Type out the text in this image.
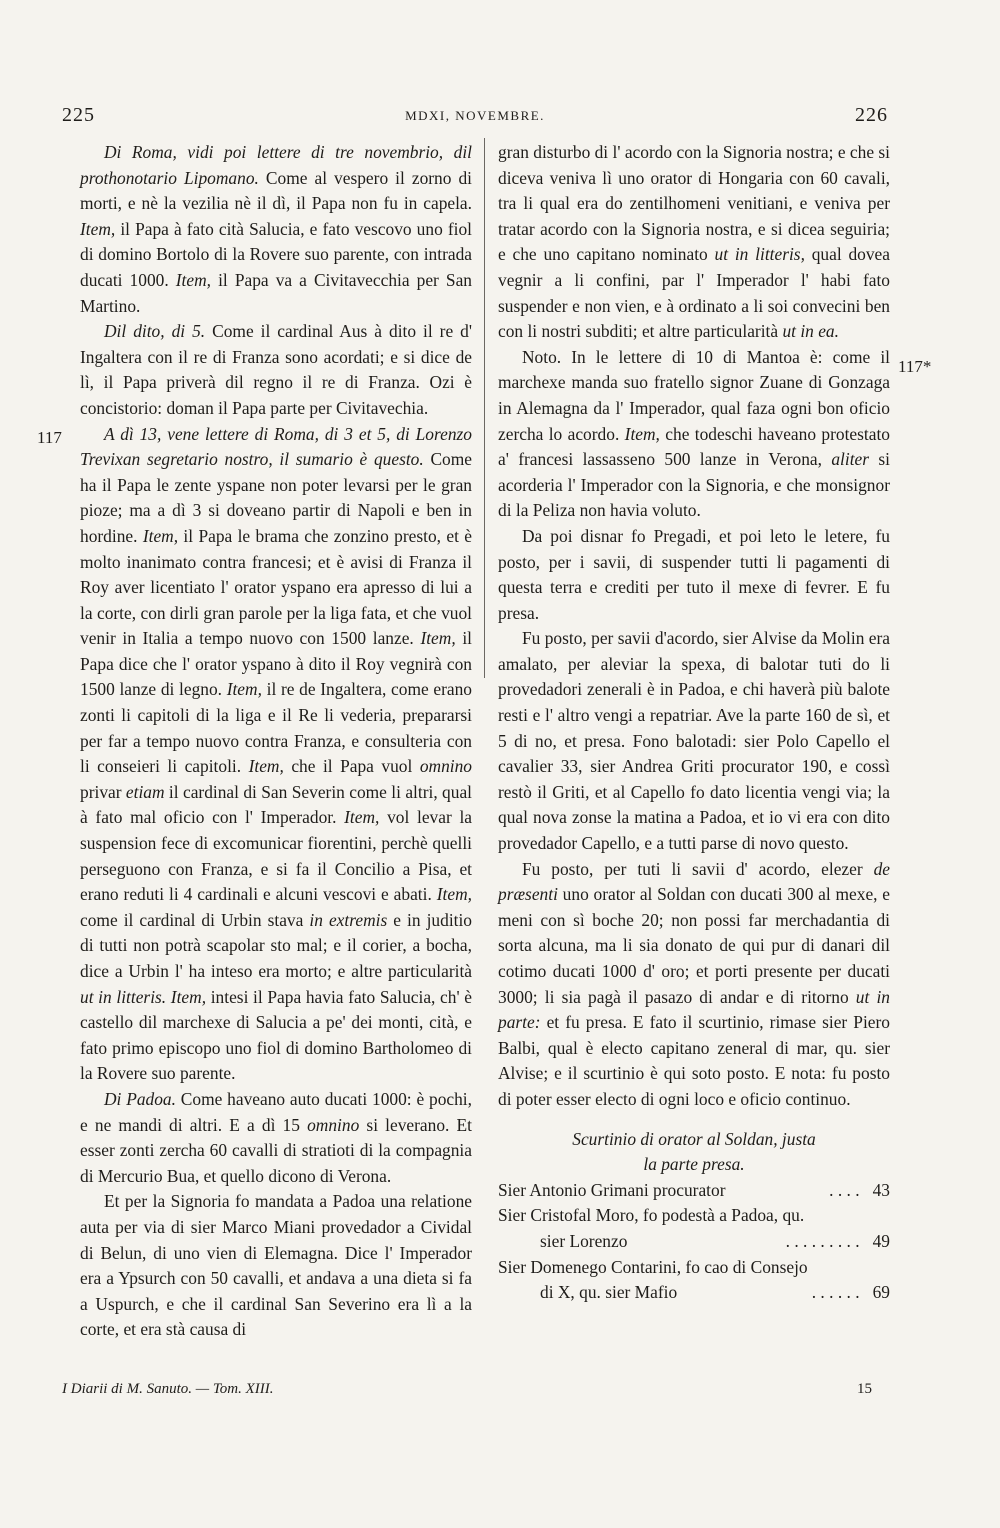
225	MDXI, NOVEMBRE.	226
117
117*

Di Roma, vidi poi lettere di tre novembrio, dil prothonotario Lipomano. Come al vespero il zorno di morti, e nè la vezilia nè il dì, il Papa non fu in capela. Item, il Papa à fato cità Salucia, e fato vescovo uno fiol di domino Bortolo di la Rovere suo parente, con intrada ducati 1000. Item, il Papa va a Civitavecchia per San Martino.

Dil dito, di 5. Come il cardinal Aus à dito il re d' Ingaltera con il re di Franza sono acordati; e si dice de lì, il Papa priverà dil regno il re di Franza. Ozi è concistorio: doman il Papa parte per Civitavechia.

A dì 13, vene lettere di Roma, di 3 et 5, di Lorenzo Trevixan segretario nostro, il sumario è questo. Come ha il Papa le zente yspane non poter levarsi per le gran pioze; ma a dì 3 si doveano partir di Napoli e ben in hordine. Item, il Papa le brama che zonzino presto, et è molto inanimato contra francesi; et è avisi di Franza il Roy aver licentiato l' orator yspano era apresso di lui a la corte, con dirli gran parole per la liga fata, et che vuol venir in Italia a tempo nuovo con 1500 lanze. Item, il Papa dice che l' orator yspano à dito il Roy vegnirà con 1500 lanze di legno. Item, il re de Ingaltera, come erano zonti li capitoli di la liga e il Re li vederia, prepararsi per far a tempo nuovo contra Franza, e consulteria con li conseieri li capitoli. Item, che il Papa vuol omnino privar etiam il cardinal di San Severin come li altri, qual à fato mal oficio con l' Imperador. Item, vol levar la suspension fece di excomunicar fiorentini, perchè quelli perseguono con Franza, e si fa il Concilio a Pisa, et erano reduti li 4 cardinali e alcuni vescovi e abati. Item, come il cardinal di Urbin stava in extremis e in juditio di tutti non potrà scapolar sto mal; e il corier, a bocha, dice a Urbin l' ha inteso era morto; e altre particularità ut in litteris. Item, intesi il Papa havia fato Salucia, ch' è castello dil marchexe di Salucia a pe' dei monti, cità, e fato primo episcopo uno fiol di domino Bartholomeo di la Rovere suo parente.

Di Padoa. Come haveano auto ducati 1000: è pochi, e ne mandi di altri. E a dì 15 omnino si leverano. Et esser zonti zercha 60 cavalli di stratioti di la compagnia di Mercurio Bua, et quello dicono di Verona.

Et per la Signoria fo mandata a Padoa una relatione auta per via di sier Marco Miani provedador a Cividal di Belun, di uno vien di Elemagna. Dice l' Imperador era a Ypsurch con 50 cavalli, et andava a una dieta si fa a Uspurch, e che il cardinal San Severino era lì a la corte, et era stà causa di

gran disturbo di l' acordo con la Signoria nostra; e che si diceva veniva lì uno orator di Hongaria con 60 cavali, tra li qual era do zentilhomeni venitiani, e veniva per tratar acordo con la Signoria nostra, e si dicea seguiria; e che uno capitano nominato ut in litteris, qual dovea vegnir a li confini, par l' Imperador l' habi fato suspender e non vien, e à ordinato a li soi convecini ben con li nostri subditi; et altre particularità ut in ea.

Noto. In le lettere di 10 di Mantoa è: come il marchexe manda suo fratello signor Zuane di Gonzaga in Alemagna da l' Imperador, qual faza ogni bon oficio zercha lo acordo. Item, che todeschi haveano protestato a' francesi lassasseno 500 lanze in Verona, aliter si acorderia l' Imperador con la Signoria, e che monsignor di la Peliza non havia voluto.

Da poi disnar fo Pregadi, et poi leto le letere, fu posto, per i savii, di suspender tutti li pagamenti di questa terra e crediti per tuto il mexe di fevrer. E fu presa.

Fu posto, per savii d'acordo, sier Alvise da Molin era amalato, per aleviar la spexa, di balotar tuti do li provedadori zenerali è in Padoa, e chi haverà più balote resti e l' altro vengi a repatriar. Ave la parte 160 de sì, et 5 di no, et presa. Fono balotadi: sier Polo Capello el cavalier 33, sier Andrea Griti procurator 190, e cossì restò il Griti, et al Capello fo dato licentia vengi via; la qual nova zonse la matina a Padoa, et io vi era con dito provedador Capello, e a tutti parse di novo questo.

Fu posto, per tuti li savii d' acordo, elezer de præsenti uno orator al Soldan con ducati 300 al mexe, e meni con sì boche 20; non possi far merchadantia di sorta alcuna, ma li sia donato de qui pur di danari dil cotimo ducati 1000 d' oro; et porti presente per ducati 3000; li sia pagà il pasazo di andar e di ritorno ut in parte: et fu presa. E fato il scurtinio, rimase sier Piero Balbi, qual è electo capitano zeneral di mar, qu. sier Alvise; e il scurtinio è qui soto posto. E nota: fu posto di poter esser electo di ogni loco e oficio continuo.

Scurtinio di orator al Soldan, justa
la parte presa.
Sier Antonio Grimani procurator	. . . . 43
Sier Cristofal Moro, fo podestà a Padoa, qu.
sier Lorenzo	. . . . . . . . . 49
Sier Domenego Contarini, fo cao di Consejo
di X, qu. sier Mafio	. . . . . . 69
I Diarii di M. Sanuto. — Tom. XIII.	15
